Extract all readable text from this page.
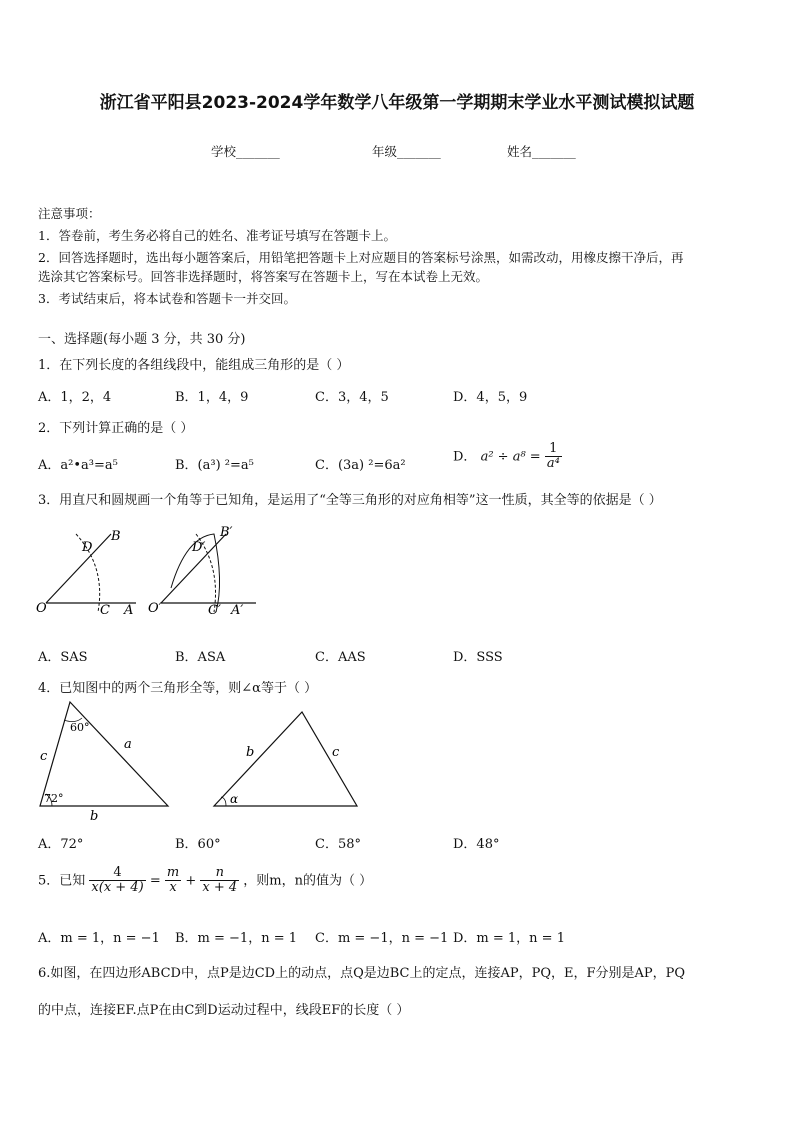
浙江省平阳县2023-2024学年数学八年级第一学期期末学业水平测试模拟试题
学校_______	年级_______	姓名_______
注意事项：
1．答卷前，考生务必将自己的姓名、准考证号填写在答题卡上。
2．回答选择题时，选出每小题答案后，用铅笔把答题卡上对应题目的答案标号涂黑，如需改动，用橡皮擦干净后，再
选涂其它答案标号。回答非选择题时，将答案写在答题卡上，写在本试卷上无效。
3．考试结束后，将本试卷和答题卡一并交回。
一、选择题(每小题 3 分，共 30 分)
1．在下列长度的各组线段中，能组成三角形的是（ ）
A．1，2，4	B．1，4，9	C．3，4，5	D．4，5，9
2．下列计算正确的是（ ）
A．a²•a³=a⁵	B．(a³) ²=a⁵	C．(3a) ²=6a²
D． $a^2 \div a^8 = \frac{1}{\text{a⁴}}$
3．用直尺和圆规画一个角等于已知角，是运用了“全等三角形的对应角相等”这一性质，其全等的依据是（ ）
O	A
B
C
D
O′	A′
B′
C′
D′
A．SAS	B．ASA	C．AAS	D．SSS
4．已知图中的两个三角形全等，则∠α等于（ ）
60°
72°
c
a
b
b	c
α
A．72°	B．60°	C．58°	D．48°
5．已知 $\frac{4}{x(x + 4)} = \frac{m}{x} + \frac{n}{x + 4}$ ，则m，n的值为（ ）
A．m = 1，n = −1 B．m = −1，n = 1 C．m = −1，n = −1 D．m = 1，n = 1
6.如图，在四边形ABCD中，点P是边CD上的动点，点Q是边BC上的定点，连接AP，PQ，E，F分别是AP，PQ
的中点，连接EF.点P在由C到D运动过程中，线段EF的长度（ ）
